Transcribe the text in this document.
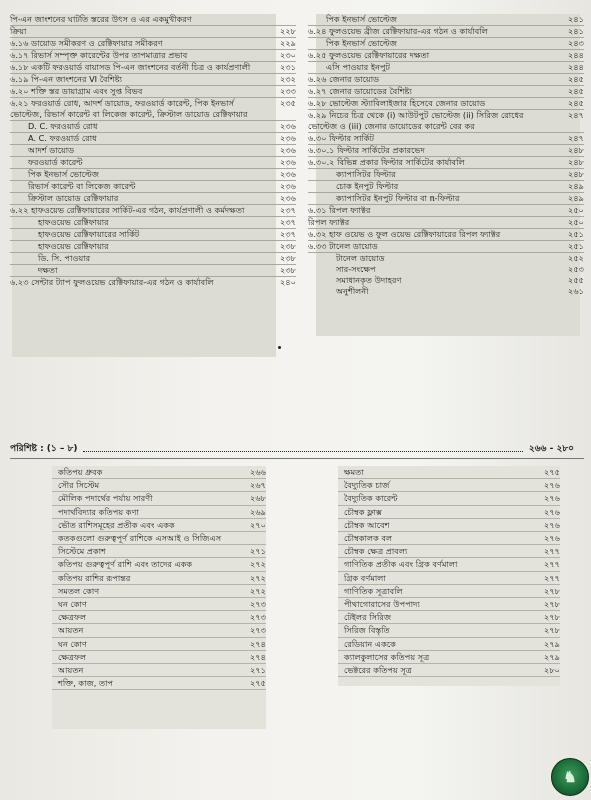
পি-এন জাংশনের ঘাটতি স্তরের উৎস ও এর একমুখীকরণ
ক্রিয়া	২২৮
৬.১৬ ডায়োড সমীকরণ ও রেক্টিফায়ার সমীকরণ	২২৯
৬.১৭ রিভার্স সম্পৃক্ত কারেন্টের উপর তাপমাত্রার প্রভাব	২৩০
৬.১৮ একটি ফরওয়ার্ড বায়াসড পি-এন জাংশনের বর্তনী চিত্র ও কার্যপ্রণালী	২৩১
৬.১৯ পি-এন জাংশনের VI বৈশিষ্ট্য	২৩২
৬.২০ শক্তি স্তর ডায়াগ্রাম এবং সুপ্ত বিভব	২৩৩
৬.২১ ফরওয়ার্ড রোধ, আদর্শ ডায়োড, ফরওয়ার্ড কারেন্ট, পিক ইনভার্স ভোল্টেজ, রিভার্স কারেন্ট বা লিকেজ কারেন্ট, ক্রিস্টাল ডায়োড রেক্টিফায়ার
২৩৫
D. C. ফরওয়ার্ড রোধ	২৩৬
A. C. ফরওয়ার্ড রোধ	২৩৬
আদর্শ ডায়োড	২৩৬
ফরওয়ার্ড কারেন্ট	২৩৬
পিক ইনভার্স ভোল্টেজ	২৩৬
রিভার্স কারেন্ট বা লিকেজ কারেন্ট	২৩৬
ক্রিস্টাল ডায়োড রেক্টিফায়ার	২৩৬
৬.২২ হাফওয়েভ রেক্টিফায়ারের সার্কিট-এর গঠন, কার্যপ্রণালী ও কর্মদক্ষতা	২৩৭
হাফওয়েভ রেক্টিফায়ার	২৩৭
হাফওয়েভ রেক্টিফায়ারের সার্কিট	২৩৭
হাফওয়েভ রেক্টিফায়ার	২৩৮
ডি. সি. পাওয়ার	২৩৮
দক্ষতা	২৩৮
৬.২৩ সেন্টার ট্যাপ ফুলওয়েভ রেক্টিফায়ার-এর গঠন ও কার্যাবলি	২৪০
পিক ইনভার্স ভোল্টেজ	২৪১
৬.২৪ ফুলওয়েভ ব্রীজ রেক্টিফায়ার-এর গঠন ও কার্যাবলি	২৪১
পিক ইনভার্স ভোল্টেজ	২৪৩
৬.২৫ ফুলওয়েভ রেক্টিফায়ারের দক্ষতা	২৪৪
এসি পাওয়ার ইনপুট	২৪৪
৬.২৬ জেনার ডায়োড	২৪৫
৬.২৭ জেনার ডায়োডের বৈশিষ্ট্য	২৪৫
৬.২৮ ভোল্টেজ স্ট্যাবিলাইজার হিসেবে জেনার ডায়োড	২৪৫
৬.২৯ নিচের চিত্র থেকে (i) আউটপুট ভোল্টেজ (ii) সিরিজ রোধের ভোল্টেজ ও (iii) জেনার ডায়োডের কারেন্ট বের কর
২৪৭
৬.৩০ ফিল্টার সার্কিট	২৪৭
৬.৩০.১ ফিল্টার সার্কিটের প্রকারভেদ	২৪৮
৬.৩০.২ বিভিন্ন প্রকার ফিল্টার সার্কিটের কার্যাবলি	২৪৮
ক্যাপাসিটর ফিল্টার	২৪৮
চোক ইনপুট ফিল্টার	২৪৯
ক্যাপাসিটর ইনপুট ফিল্টার বা π-ফিল্টার	২৪৯
৬.৩১ রিপল ফ্যাক্টর	২৫০
রিপল ফ্যাক্টর	২৫০
৬.৩২ হাফ ওয়েভ ও ফুল ওয়েভ রেক্টিফায়ারের রিপল ফ্যাক্টর	২৫১
৬.৩৩ টানেল ডায়োড	২৫১
টানেল ডায়োড	২৫২
সার-সংক্ষেপ	২৫৩
সমাধানকৃত উদাহরণ	২৫৫
অনুশীলনী	২৬১
পরিশিষ্ট : (১ – ৮)	২৬৬ - ২৮০
কতিপয় ধ্রুবক	২৬৬
সৌর সিস্টেম	২৬৭
মৌলিক পদার্থের পর্যায় সারণী	২৬৮
পদার্থবিদ্যার কতিপয় কণা	২৬৯
ভৌত রাশিসমূহের প্রতীক এবং একক	২৭০
কতকগুলো গুরুত্বপূর্ণ রাশিকে এসআই ও সিজিএস
সিস্টেমে প্রকাশ	২৭১
কতিপয় গুরুত্বপূর্ণ রাশি এবং তাদের একক	২৭২
কতিপয় রাশির রূপান্তর	২৭২
সমতল কোণ	২৭২
ঘন কোণ	২৭৩
ক্ষেত্রফল	২৭৩
আয়তন	২৭৩
ঘন কোণ	২৭৪
ক্ষেত্রফল	২৭৪
আয়তন	২৭১
শক্তি, কাজ, তাপ	২৭৫
ক্ষমতা	২৭৫
বৈদ্যুতিক চার্জ	২৭৬
বৈদ্যুতিক কারেন্ট	২৭৬
চৌম্বক ফ্লাক্স	২৭৬
চৌম্বক আবেশ	২৭৬
চৌম্বকালক বল	২৭৬
চৌম্বক ক্ষেত্র প্রাবল্য	২৭৭
গাণিতিক প্রতীক এবং গ্রিক বর্ণমালা	২৭৭
গ্রিক বর্ণমালা	২৭৭
গাণিতিক সূত্রাবলি	২৭৮
পীথাগোরাসের উপপাদ্য	২৭৮
টেইলর সিরিজ	২৭৮
সিরিজ বিস্তৃতি	২৭৮
রেডিয়ান এককে	২৭৯
ক্যালকুলাসের কতিপয় সূত্র	২৭৯
ভেক্টরের কতিপয় সূত্র	২৮০
♞
